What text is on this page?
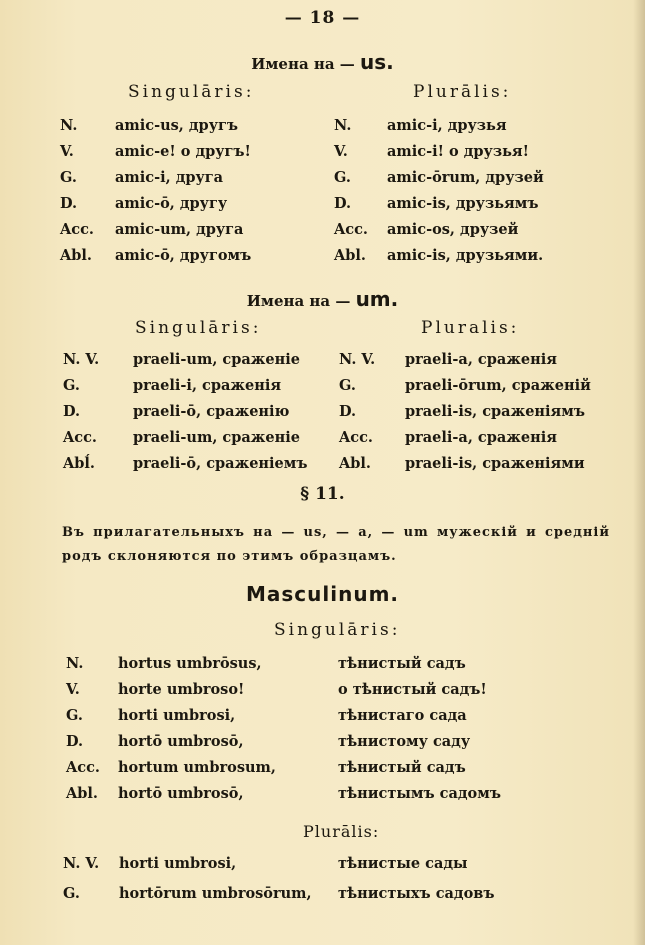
— 18 —
Имена на — us.
Singulāris:	Plurālis:
N.	amic-us, другъ
V.	amic-e! о другъ!
G.	amic-i, друга
D.	amic-ō, другу
Acc. amic-um, друга
Abl. amic-ō, другомъ
N. amic-i, друзья
V.	amic-i! о друзья!
G. amic-ōrum, друзей
D. amic-is, друзьямъ
Acc. amic-os, друзей
Abl. amic-is, друзьями.
Имена на — um.
Singulāris:	Pluralis:
N. V. praeli-um, сраженіе
G.	praeli-i, сраженія
D.	praeli-ō, сраженію
Acc. praeli-um, сраженіе
Abĺ.	praeli-ō, сраженіемъ
N. V. praeli-a, сраженія
G.	praeli-ōrum, сраженій
D.	praeli-is, сраженіямъ
Acc. praeli-a, сраженія
Abl. praeli-is, сраженіями
§ 11.
Въ прилагательныхъ на — us, — a, — um мужескій и средній
родъ склоняются по этимъ образцамъ.
Masculinum.
Singulāris:
N. hortus umbrōsus,	тѣнистый садъ
V.	horte umbroso!	о тѣнистый садъ!
G. horti umbrosi,	тѣнистаго сада
D. hortō umbrosō,	тѣнистому саду
Acc. hortum umbrosum,	тѣнистый садъ
Abl. hortō umbrosō,	тѣнистымъ садомъ
Plurālis:
N. V. horti umbrosi,	тѣнистые сады
G.	hortōrum umbrosōrum, тѣнистыхъ садовъ
